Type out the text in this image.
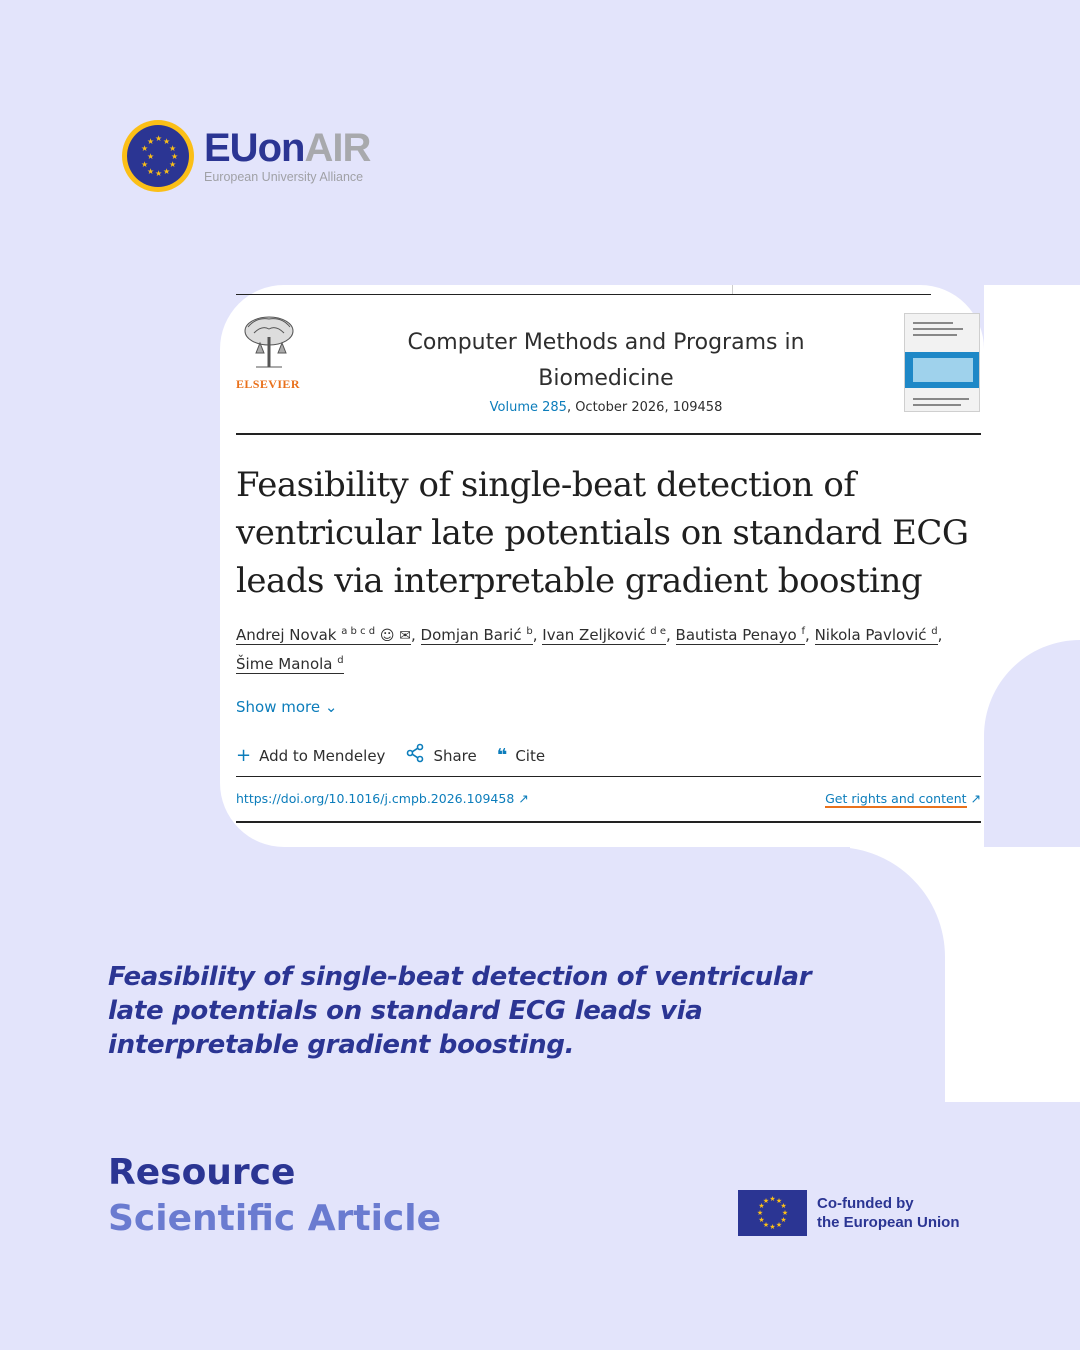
★ ★
★
★
★
★
★
★
★
★
★
★ EUonAIR
European University Alliance
ELSEVIER
Computer Methods and Programs in
Biomedicine
Volume 285, October 2026, 109458
Feasibility of single-beat detection of ventricular late potentials on standard ECG leads via interpretable gradient boosting
Andrej Novak $^{a b c d}$ ☺ ✉, Domjan Barić $^b$, Ivan Zeljković $^{d e}$, Bautista Penayo $^f$, Nikola Pavlović $^d$,
Šime Manola $^d$
Show more ⌄
+ Add to Mendeley	Share ❝ Cite
https://doi.org/10.1016/j.cmpb.2026.109458 ↗	Get rights and content ↗
Feasibility of single-beat detection of ventricular late potentials on standard ECG leads via interpretable gradient boosting.
Resource
Scientific Article	★ ★
★
★
★
★
★
★
★
★
★
★	Co-funded by
the European Union
